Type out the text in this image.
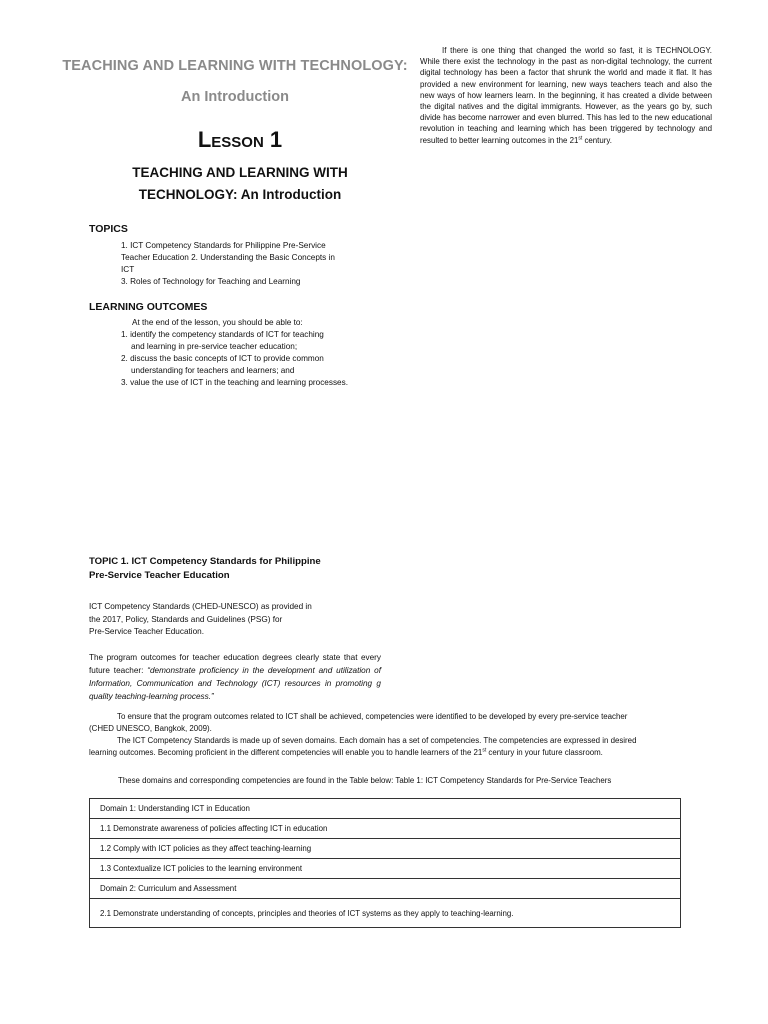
TEACHING AND LEARNING WITH TECHNOLOGY:
An Introduction
LESSON 1
TEACHING AND LEARNING WITH
TECHNOLOGY: An Introduction
TOPICS
1. ICT Competency Standards for Philippine Pre-Service
Teacher Education 2. Understanding the Basic Concepts in
ICT
3. Roles of Technology for Teaching and Learning
LEARNING OUTCOMES
At the end of the lesson, you should be able to:
1. identify the competency standards of ICT for teaching
and learning in pre-service teacher education;
2. discuss the basic concepts of ICT to provide common
understanding for teachers and learners; and
3. value the use of ICT in the teaching and learning processes.
If there is one thing that changed the world so fast, it is TECHNOLOGY. While there exist the technology in the past as non-digital technology, the current digital technology has been a factor that shrunk the world and made it flat. It has provided a new environment for learning, new ways teachers teach and also the new ways of how learners learn. In the beginning, it has created a divide between the digital natives and the digital immigrants. However, as the years go by, such divide has become narrower and even blurred. This has led to the new educational revolution in teaching and learning which has been triggered by technology and resulted to better learning outcomes in the 21st century.
TOPIC 1. ICT Competency Standards for Philippine
Pre-Service Teacher Education
ICT Competency Standards (CHED-UNESCO) as provided in
the 2017, Policy, Standards and Guidelines (PSG) for
Pre-Service Teacher Education.
The program outcomes for teacher education degrees clearly state that every future teacher: “demonstrate proficiency in the development and utilization of Information, Communication and Technology (ICT) resources in promoting g quality teaching-learning process.”
To ensure that the program outcomes related to ICT shall be achieved, competencies were identified to be developed by every pre-service teacher
(CHED UNESCO, Bangkok, 2009).
The ICT Competency Standards is made up of seven domains. Each domain has a set of competencies. The competencies are expressed in desired
learning outcomes. Becoming proficient in the different competencies will enable you to handle learners of the 21st century in your future classroom.
These domains and corresponding competencies are found in the Table below: Table 1: ICT Competency Standards for Pre-Service Teachers
Domain 1: Understanding ICT in Education
1.1 Demonstrate awareness of policies affecting ICT in education
1.2 Comply with ICT policies as they affect teaching-learning
1.3 Contextualize ICT policies to the learning environment
Domain 2: Curriculum and Assessment
2.1 Demonstrate understanding of concepts, principles and theories of ICT systems as they apply to teaching-learning.
